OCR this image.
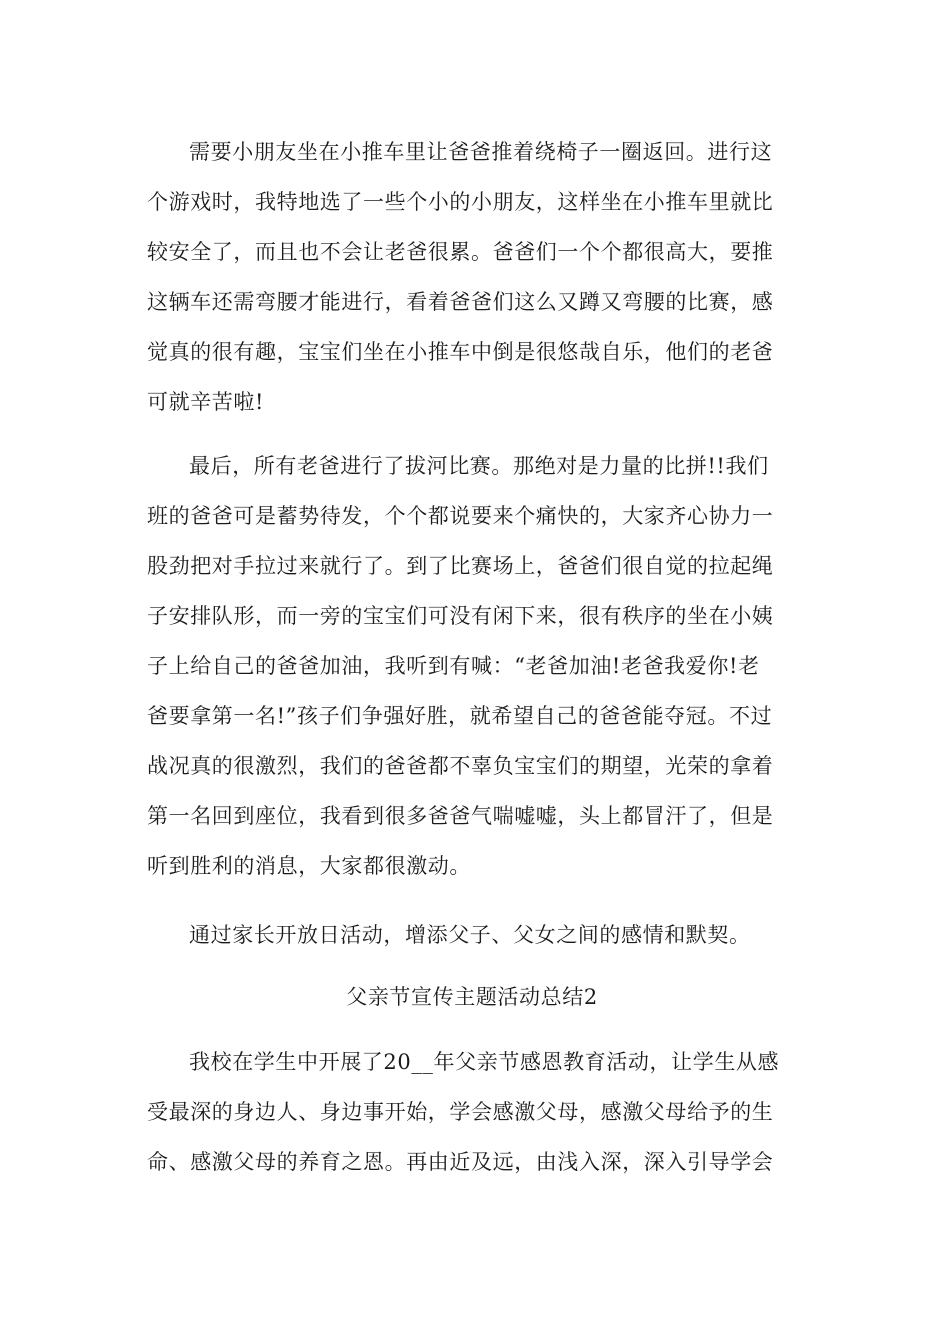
需要小朋友坐在小推车里让爸爸推着绕椅子一圈返回。进行这
个游戏时，我特地选了一些个小的小朋友，这样坐在小推车里就比
较安全了，而且也不会让老爸很累。爸爸们一个个都很高大，要推
这辆车还需弯腰才能进行，看着爸爸们这么又蹲又弯腰的比赛，感
觉真的很有趣，宝宝们坐在小推车中倒是很悠哉自乐，他们的老爸
可就辛苦啦!
最后，所有老爸进行了拔河比赛。那绝对是力量的比拼!!我们
班的爸爸可是蓄势待发，个个都说要来个痛快的，大家齐心协力一
股劲把对手拉过来就行了。到了比赛场上，爸爸们很自觉的拉起绳
子安排队形，而一旁的宝宝们可没有闲下来，很有秩序的坐在小姨
子上给自己的爸爸加油，我听到有喊：“老爸加油!老爸我爱你!老
爸要拿第一名!”孩子们争强好胜，就希望自己的爸爸能夺冠。不过
战况真的很激烈，我们的爸爸都不辜负宝宝们的期望，光荣的拿着
第一名回到座位，我看到很多爸爸气喘嘘嘘，头上都冒汗了，但是
听到胜利的消息，大家都很激动。
通过家长开放日活动，增添父子、父女之间的感情和默契。
父亲节宣传主题活动总结2
我校在学生中开展了20__年父亲节感恩教育活动，让学生从感
受最深的身边人、身边事开始，学会感激父母，感激父母给予的生
命、感激父母的养育之恩。再由近及远，由浅入深，深入引导学会
